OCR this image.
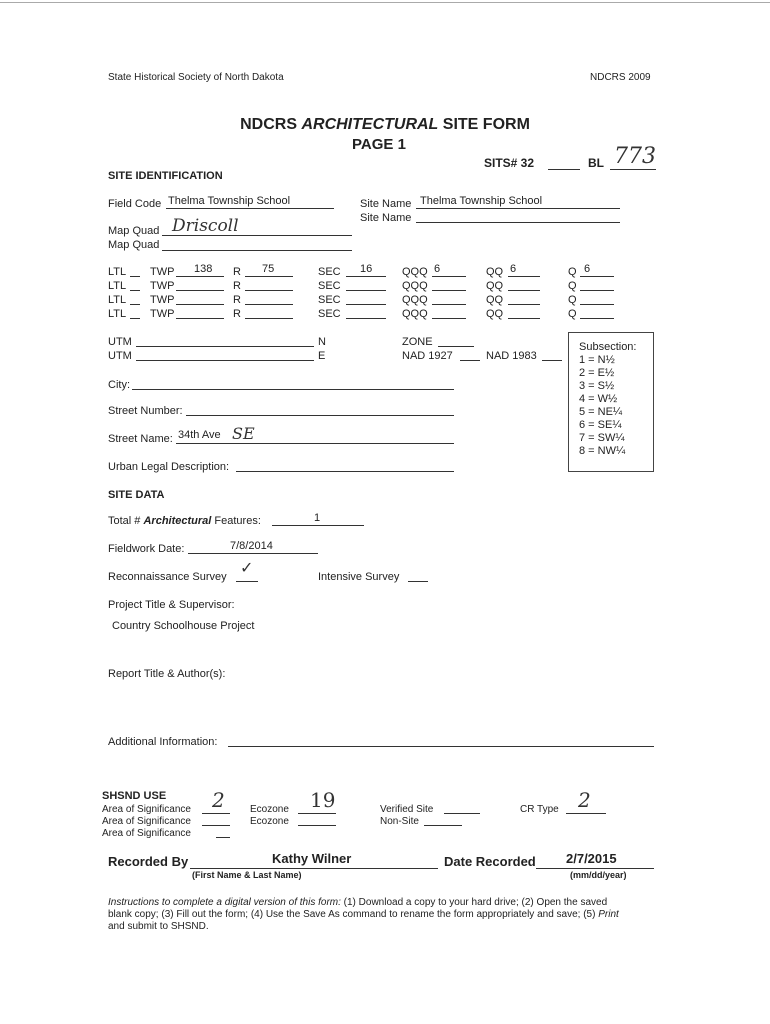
State Historical Society of North Dakota	NDCRS 2009
NDCRS ARCHITECTURAL SITE FORM
PAGE 1
SITS# 32	BL 773
SITE IDENTIFICATION
Field Code Thelma Township School	Site Name Thelma Township School
Site Name
Map Quad Driscoll
Map Quad
LTL TWP 138 R 75	SEC 16	QQQ 6	QQ 6	Q 6
LTL TWP	R	SEC	QQQ	QQ	Q
LTL TWP	R	SEC	QQQ	QQ	Q
LTL TWP	R	SEC	QQQ	QQ	Q
UTM	N
UTM	E
ZONE
NAD 1927	NAD 1983
Subsection:
1 = N½
2 = E½
3 = S½
4 = W½
5 = NE¼
6 = SE¼
7 = SW¼
8 = NW¼
City:
Street Number:
Street Name: 34th Ave SE
Urban Legal Description:
SITE DATA
Total # Architectural Features:	1
Fieldwork Date:	7/8/2014
Reconnaissance Survey ✓	Intensive Survey
Project Title & Supervisor:
Country Schoolhouse Project
Report Title & Author(s):
Additional Information:
SHSND USE
Area of Significance 2
Area of Significance
Area of Significance
Ecozone 19
Ecozone
Verified Site
Non-Site
CR Type 2
Recorded By	Kathy Wilner
(First Name & Last Name)
Date Recorded 2/7/2015
(mm/dd/year)
Instructions to complete a digital version of this form: (1) Download a copy to your hard drive; (2) Open the saved
blank copy; (3) Fill out the form; (4) Use the Save As command to rename the form appropriately and save; (5) Print
and submit to SHSND.
